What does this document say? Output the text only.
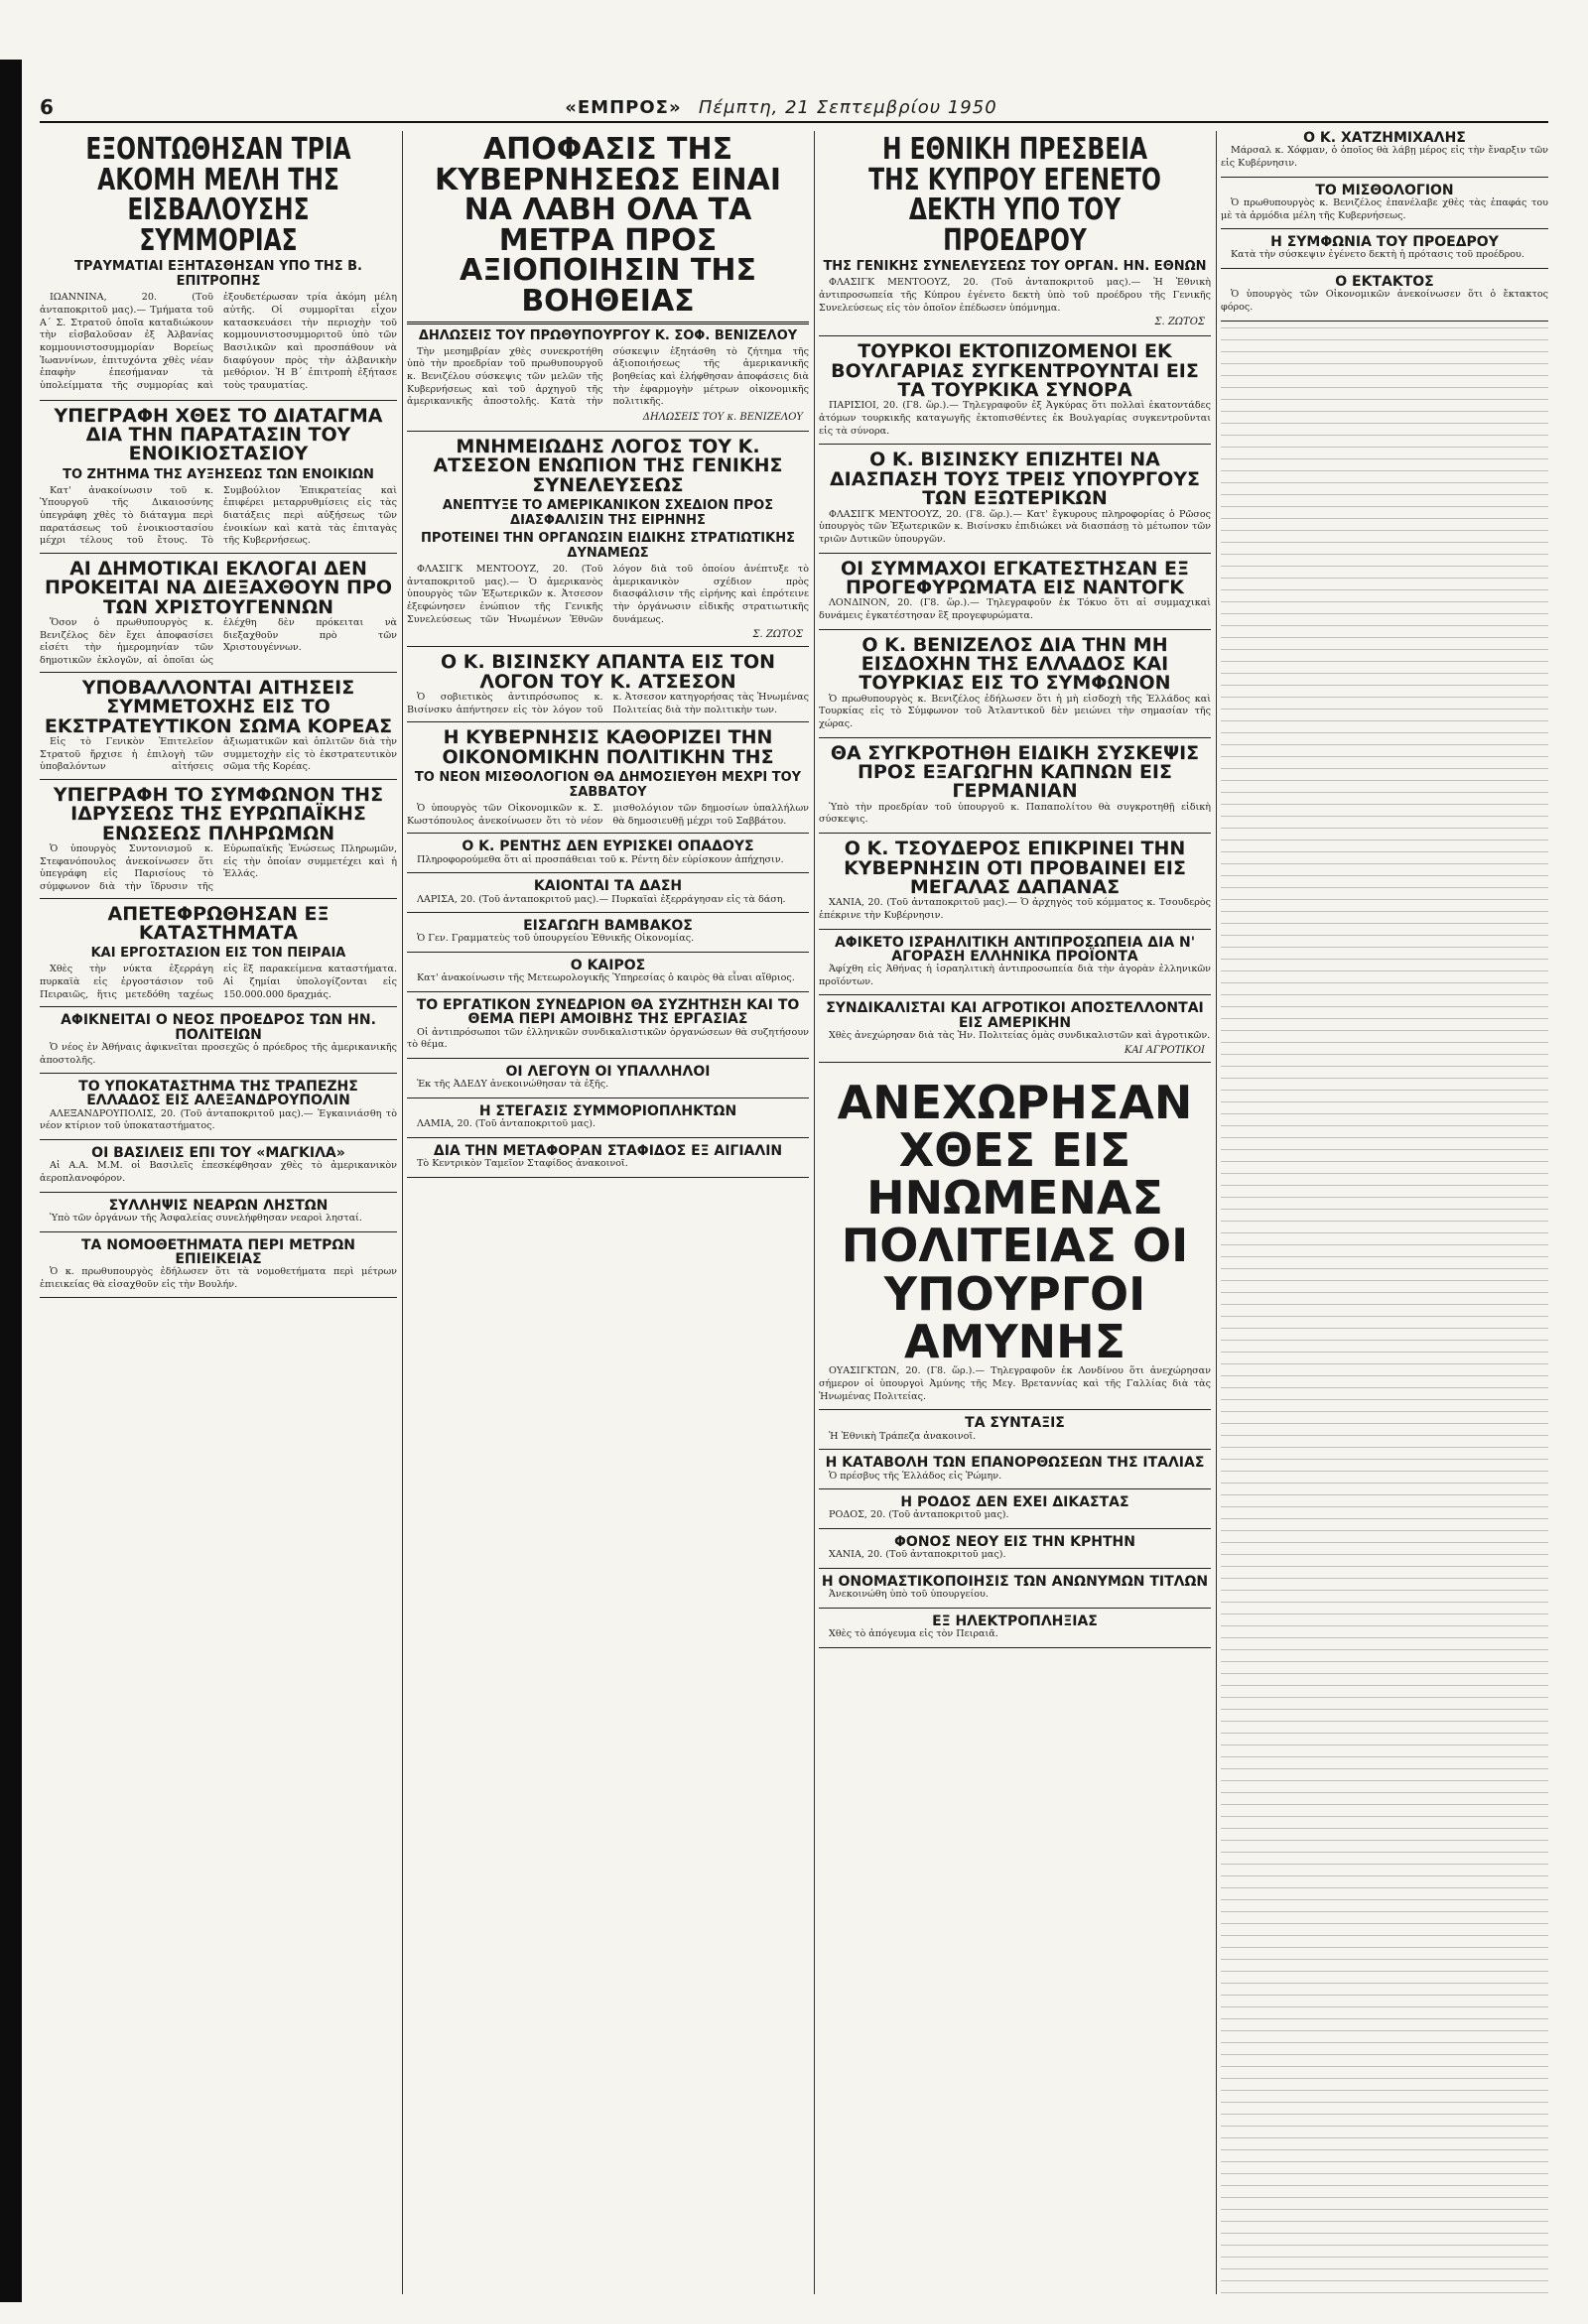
6	«ΕΜΠΡΟΣ» Πέμπτη, 21 Σεπτεμβρίου 1950
ΕΞΟΝΤΩΘΗΣΑΝ ΤΡΙΑ ΑΚΟΜΗ ΜΕΛΗ ΤΗΣ ΕΙΣΒΑΛΟΥΣΗΣ ΣΥΜΜΟΡΙΑΣ
ΤΡΑΥΜΑΤΙΑΙ ΕΞΗΤΑΣΘΗΣΑΝ ΥΠΟ ΤΗΣ Β. ΕΠΙΤΡΟΠΗΣ

ΙΩΑΝΝΙΝΑ, 20. (Τοῦ ἀνταποκριτοῦ μας).— Τμήματα τοῦ Α΄ Σ. Στρατοῦ ὁποῖα καταδιώκουν τὴν εἰσβαλοῦσαν ἐξ Ἀλβανίας κομμουνιστοσυμμορίαν Βορείως Ἰωαννίνων, ἐπιτυχόντα χθὲς νέαν ἐπαφὴν ἐπεσήμαναν τὰ ὑπολείμματα τῆς συμμορίας καὶ ἐξουδετέρωσαν τρία ἀκόμη μέλη αὐτῆς. Οἱ συμμορῖται εἶχον κατασκευάσει τὴν περιοχὴν τοῦ κομμουνιστοσυμμοριτοῦ ὑπὸ τῶν Βασιλικῶν καὶ προσπάθουν νὰ διαφύγουν πρὸς τὴν ἀλβανικὴν μεθόριον. Ἡ Β΄ ἐπιτροπὴ ἐξήτασε τοὺς τραυματίας.

ΥΠΕΓΡΑΦΗ ΧΘΕΣ ΤΟ ΔΙΑΤΑΓΜΑ ΔΙΑ ΤΗΝ ΠΑΡΑΤΑΣΙΝ ΤΟΥ ΕΝΟΙΚΙΟΣΤΑΣΙΟΥ
ΤΟ ΖΗΤΗΜΑ ΤΗΣ ΑΥΞΗΣΕΩΣ ΤΩΝ ΕΝΟΙΚΙΩΝ

Κατ' ἀνακοίνωσιν τοῦ κ. Ὑπουργοῦ τῆς Δικαιοσύνης ὑπεγράφη χθὲς τὸ διάταγμα περὶ παρατάσεως τοῦ ἐνοικιοστασίου μέχρι τέλους τοῦ ἔτους. Τὸ Συμβούλιον Ἐπικρατείας καὶ ἐπιφέρει μεταρρυθμίσεις εἰς τὰς διατάξεις περὶ αὐξήσεως τῶν ἐνοικίων καὶ κατὰ τὰς ἐπιταγὰς τῆς Κυβερνήσεως.

ΑΙ ΔΗΜΟΤΙΚΑΙ ΕΚΛΟΓΑΙ ΔΕΝ ΠΡΟΚΕΙΤΑΙ ΝΑ ΔΙΕΞΑΧΘΟΥΝ ΠΡΟ ΤΩΝ ΧΡΙΣΤΟΥΓΕΝΝΩΝ

Ὅσον ὁ πρωθυπουργὸς κ. Βενιζέλος δὲν ἔχει ἀποφασίσει εἰσέτι τὴν ἡμερομηνίαν τῶν δημοτικῶν ἐκλογῶν, αἱ ὁποῖαι ὡς ἐλέχθη δὲν πρόκειται νὰ διεξαχθοῦν πρὸ τῶν Χριστουγέννων.

ΥΠΟΒΑΛΛΟΝΤΑΙ ΑΙΤΗΣΕΙΣ ΣΥΜΜΕΤΟΧΗΣ ΕΙΣ ΤΟ ΕΚΣΤΡΑΤΕΥΤΙΚΟΝ ΣΩΜΑ ΚΟΡΕΑΣ

Εἰς τὸ Γενικὸν Ἐπιτελεῖον Στρατοῦ ἤρχισε ἡ ἐπιλογὴ τῶν ὑποβαλόντων αἰτήσεις ἀξιωματικῶν καὶ ὁπλιτῶν διὰ τὴν συμμετοχὴν εἰς τὸ ἐκστρατευτικὸν σῶμα τῆς Κορέας.

ΥΠΕΓΡΑΦΗ ΤΟ ΣΥΜΦΩΝΟΝ ΤΗΣ ΙΔΡΥΣΕΩΣ ΤΗΣ ΕΥΡΩΠΑΪΚΗΣ ΕΝΩΣΕΩΣ ΠΛΗΡΩΜΩΝ

Ὁ ὑπουργὸς Συντονισμοῦ κ. Στεφανόπουλος ἀνεκοίνωσεν ὅτι ὑπεγράφη εἰς Παρισίους τὸ σύμφωνον διὰ τὴν ἵδρυσιν τῆς Εὐρωπαϊκῆς Ἑνώσεως Πληρωμῶν, εἰς τὴν ὁποίαν συμμετέχει καὶ ἡ Ἑλλάς.

ΑΠΕΤΕΦΡΩΘΗΣΑΝ ΕΞ ΚΑΤΑΣΤΗΜΑΤΑ
ΚΑΙ ΕΡΓΟΣΤΑΣΙΟΝ ΕΙΣ ΤΟΝ ΠΕΙΡΑΙΑ

Χθὲς τὴν νύκτα ἐξερράγη πυρκαϊὰ εἰς ἐργοστάσιον τοῦ Πειραιῶς, ἥτις μετεδόθη ταχέως εἰς ἓξ παρακείμενα καταστήματα. Αἱ ζημίαι ὑπολογίζονται εἰς 150.000.000 δραχμάς.

ΑΦΙΚΝΕΙΤΑΙ Ο ΝΕΟΣ ΠΡΟΕΔΡΟΣ ΤΩΝ ΗΝ. ΠΟΛΙΤΕΙΩΝ

Ὁ νέος ἐν Ἀθήναις ἀφικνεῖται προσεχῶς ὁ πρόεδρος τῆς ἀμερικανικῆς ἀποστολῆς.

ΤΟ ΥΠΟΚΑΤΑΣΤΗΜΑ ΤΗΣ ΤΡΑΠΕΖΗΣ ΕΛΛΑΔΟΣ ΕΙΣ ΑΛΕΞΑΝΔΡΟΥΠΟΛΙΝ

ΑΛΕΞΑΝΔΡΟΥΠΟΛΙΣ, 20. (Τοῦ ἀνταποκριτοῦ μας).— Ἐγκαινιάσθη τὸ νέον κτίριον τοῦ ὑποκαταστήματος.

ΟΙ ΒΑΣΙΛΕΙΣ ΕΠΙ ΤΟΥ «ΜΑΓΚΙΛΑ»

Αἱ Α.Α. Μ.Μ. οἱ Βασιλεῖς ἐπεσκέφθησαν χθὲς τὸ ἀμερικανικὸν ἀεροπλανοφόρον.

ΣΥΛΛΗΨΙΣ ΝΕΑΡΩΝ ΛΗΣΤΩΝ

Ὑπὸ τῶν ὀργάνων τῆς Ἀσφαλείας συνελήφθησαν νεαροὶ λησταί.

ΤΑ ΝΟΜΟΘΕΤΗΜΑΤΑ ΠΕΡΙ ΜΕΤΡΩΝ ΕΠΙΕΙΚΕΙΑΣ

Ὁ κ. πρωθυπουργὸς ἐδήλωσεν ὅτι τὰ νομοθετήματα περὶ μέτρων ἐπιεικείας θὰ εἰσαχθοῦν εἰς τὴν Βουλήν.

ΑΠΟΦΑΣΙΣ ΤΗΣ ΚΥΒΕΡΝΗΣΕΩΣ ΕΙΝΑΙ ΝΑ ΛΑΒΗ ΟΛΑ ΤΑ ΜΕΤΡΑ ΠΡΟΣ ΑΞΙΟΠΟΙΗΣΙΝ ΤΗΣ ΒΟΗΘΕΙΑΣ
ΔΗΛΩΣΕΙΣ ΤΟΥ ΠΡΩΘΥΠΟΥΡΓΟΥ Κ. ΣΟΦ. ΒΕΝΙΖΕΛΟΥ

Τὴν μεσημβρίαν χθὲς συνεκροτήθη ὑπὸ τὴν προεδρίαν τοῦ πρωθυπουργοῦ κ. Βενιζέλου σύσκεψις τῶν μελῶν τῆς Κυβερνήσεως καὶ τοῦ ἀρχηγοῦ τῆς ἀμερικανικῆς ἀποστολῆς. Κατὰ τὴν σύσκεψιν ἐξητάσθη τὸ ζήτημα τῆς ἀξιοποιήσεως τῆς ἀμερικανικῆς βοηθείας καὶ ἐλήφθησαν ἀποφάσεις διὰ τὴν ἐφαρμογὴν μέτρων οἰκονομικῆς πολιτικῆς.

ΔΗΛΩΣΕΙΣ ΤΟΥ κ. ΒΕΝΙΖΕΛΟΥ
ΜΝΗΜΕΙΩΔΗΣ ΛΟΓΟΣ ΤΟΥ Κ. ΑΤΣΕΣΟΝ ΕΝΩΠΙΟΝ ΤΗΣ ΓΕΝΙΚΗΣ ΣΥΝΕΛΕΥΣΕΩΣ
ΑΝΕΠΤΥΞΕ ΤΟ ΑΜΕΡΙΚΑΝΙΚΟΝ ΣΧΕΔΙΟΝ ΠΡΟΣ ΔΙΑΣΦΑΛΙΣΙΝ ΤΗΣ ΕΙΡΗΝΗΣ
ΠΡΟΤΕΙΝΕΙ ΤΗΝ ΟΡΓΑΝΩΣΙΝ ΕΙΔΙΚΗΣ ΣΤΡΑΤΙΩΤΙΚΗΣ ΔΥΝΑΜΕΩΣ

ΦΛΑΣΙΓΚ ΜΕΝΤΟΟΥΖ, 20. (Τοῦ ἀνταποκριτοῦ μας).— Ὁ ἀμερικανὸς ὑπουργὸς τῶν Ἐξωτερικῶν κ. Ἀτσεσον ἐξεφώνησεν ἐνώπιον τῆς Γενικῆς Συνελεύσεως τῶν Ἡνωμένων Ἐθνῶν λόγον διὰ τοῦ ὁποίου ἀνέπτυξε τὸ ἀμερικανικὸν σχέδιον πρὸς διασφάλισιν τῆς εἰρήνης καὶ ἐπρότεινε τὴν ὀργάνωσιν εἰδικῆς στρατιωτικῆς δυνάμεως.

Σ. ΖΩΤΟΣ
Ο Κ. ΒΙΣΙΝΣΚΥ ΑΠΑΝΤΑ ΕΙΣ ΤΟΝ ΛΟΓΟΝ ΤΟΥ Κ. ΑΤΣΕΣΟΝ

Ὁ σοβιετικὸς ἀντιπρόσωπος κ. Βισίνσκυ ἀπήντησεν εἰς τὸν λόγον τοῦ κ. Ἀτσεσον κατηγορήσας τὰς Ἡνωμένας Πολιτείας διὰ τὴν πολιτικὴν των.

Η ΚΥΒΕΡΝΗΣΙΣ ΚΑΘΟΡΙΖΕΙ ΤΗΝ ΟΙΚΟΝΟΜΙΚΗΝ ΠΟΛΙΤΙΚΗΝ ΤΗΣ
ΤΟ ΝΕΟΝ ΜΙΣΘΟΛΟΓΙΟΝ ΘΑ ΔΗΜΟΣΙΕΥΘΗ ΜΕΧΡΙ ΤΟΥ ΣΑΒΒΑΤΟΥ

Ὁ ὑπουργὸς τῶν Οἰκονομικῶν κ. Σ. Κωστόπουλος ἀνεκοίνωσεν ὅτι τὸ νέον μισθολόγιον τῶν δημοσίων ὑπαλλήλων θὰ δημοσιευθῇ μέχρι τοῦ Σαββάτου.

Ο Κ. ΡΕΝΤΗΣ ΔΕΝ ΕΥΡΙΣΚΕΙ ΟΠΑΔΟΥΣ

Πληροφορούμεθα ὅτι αἱ προσπάθειαι τοῦ κ. Ρέντη δὲν εὑρίσκουν ἀπήχησιν.

ΚΑΙΟΝΤΑΙ ΤΑ ΔΑΣΗ

ΛΑΡΙΣΑ, 20. (Τοῦ ἀνταποκριτοῦ μας).— Πυρκαϊαὶ ἐξερράγησαν εἰς τὰ δάση.

ΕΙΣΑΓΩΓΗ ΒΑΜΒΑΚΟΣ

Ὁ Γεν. Γραμματεὺς τοῦ ὑπουργείου Ἐθνικῆς Οἰκονομίας.

Ο ΚΑΙΡΟΣ

Κατ' ἀνακοίνωσιν τῆς Μετεωρολογικῆς Ὑπηρεσίας ὁ καιρὸς θὰ εἶναι αἴθριος.

ΤΟ ΕΡΓΑΤΙΚΟΝ ΣΥΝΕΔΡΙΟΝ ΘΑ ΣΥΖΗΤΗΣΗ ΚΑΙ ΤΟ ΘΕΜΑ ΠΕΡΙ ΑΜΟΙΒΗΣ ΤΗΣ ΕΡΓΑΣΙΑΣ

Οἱ ἀντιπρόσωποι τῶν ἐλληνικῶν συνδικαλιστικῶν ὀργανώσεων θὰ συζητήσουν τὸ θέμα.

ΟΙ ΛΕΓΟΥΝ ΟΙ ΥΠΑΛΛΗΛΟΙ

Ἐκ τῆς ἈΔΕΔΥ ἀνεκοινώθησαν τὰ ἑξῆς.

Η ΣΤΕΓΑΣΙΣ ΣΥΜΜΟΡΙΟΠΛΗΚΤΩΝ

ΛΑΜΙΑ, 20. (Τοῦ ἀνταποκριτοῦ μας).

ΔΙΑ ΤΗΝ ΜΕΤΑΦΟΡΑΝ ΣΤΑΦΙΔΟΣ ΕΞ ΑΙΓΙΑΛΙΝ

Τὸ Κεντρικὸν Ταμεῖον Σταφίδος ἀνακοινοῖ.

Η ΕΘΝΙΚΗ ΠΡΕΣΒΕΙΑ ΤΗΣ ΚΥΠΡΟΥ ΕΓΕΝΕΤΟ ΔΕΚΤΗ ΥΠΟ ΤΟΥ ΠΡΟΕΔΡΟΥ
ΤΗΣ ΓΕΝΙΚΗΣ ΣΥΝΕΛΕΥΣΕΩΣ ΤΟΥ ΟΡΓΑΝ. ΗΝ. ΕΘΝΩΝ

ΦΛΑΣΙΓΚ ΜΕΝΤΟΟΥΖ, 20. (Τοῦ ἀνταποκριτοῦ μας).— Ἡ Ἐθνικὴ ἀντιπροσωπεία τῆς Κύπρου ἐγένετο δεκτὴ ὑπὸ τοῦ προέδρου τῆς Γενικῆς Συνελεύσεως εἰς τὸν ὁποῖον ἐπέδωσεν ὑπόμνημα.

Σ. ΖΩΤΟΣ
ΤΟΥΡΚΟΙ ΕΚΤΟΠΙΖΟΜΕΝΟΙ ΕΚ ΒΟΥΛΓΑΡΙΑΣ ΣΥΓΚΕΝΤΡΟΥΝΤΑΙ ΕΙΣ ΤΑ ΤΟΥΡΚΙΚΑ ΣΥΝΟΡΑ

ΠΑΡΙΣΙΟΙ, 20. (Γ8. ὥρ.).— Τηλεγραφοῦν ἐξ Ἀγκύρας ὅτι πολλαὶ ἑκατοντάδες ἀτόμων τουρκικῆς καταγωγῆς ἐκτοπισθέντες ἐκ Βουλγαρίας συγκεντροῦνται εἰς τὰ σύνορα.

Ο Κ. ΒΙΣΙΝΣΚΥ ΕΠΙΖΗΤΕΙ ΝΑ ΔΙΑΣΠΑΣΗ ΤΟΥΣ ΤΡΕΙΣ ΥΠΟΥΡΓΟΥΣ ΤΩΝ ΕΞΩΤΕΡΙΚΩΝ

ΦΛΑΣΙΓΚ ΜΕΝΤΟΟΥΖ, 20. (Γ8. ὥρ.).— Κατ' ἔγκυρους πληροφορίας ὁ Ρῶσος ὑπουργὸς τῶν Ἐξωτερικῶν κ. Βισίνσκυ ἐπιδιώκει νὰ διασπάσῃ τὸ μέτωπον τῶν τριῶν Δυτικῶν ὑπουργῶν.

ΟΙ ΣΥΜΜΑΧΟΙ ΕΓΚΑΤΕΣΤΗΣΑΝ ΕΞ ΠΡΟΓΕΦΥΡΩΜΑΤΑ ΕΙΣ ΝΑΝΤΟΓΚ

ΛΟΝΔΙΝΟΝ, 20. (Γ8. ὥρ.).— Τηλεγραφοῦν ἐκ Τόκυο ὅτι αἱ συμμαχικαὶ δυνάμεις ἐγκατέστησαν ἓξ προγεφυρώματα.

Ο Κ. ΒΕΝΙΖΕΛΟΣ ΔΙΑ ΤΗΝ ΜΗ ΕΙΣΔΟΧΗΝ ΤΗΣ ΕΛΛΑΔΟΣ ΚΑΙ ΤΟΥΡΚΙΑΣ ΕΙΣ ΤΟ ΣΥΜΦΩΝΟΝ

Ὁ πρωθυπουργὸς κ. Βενιζέλος ἐδήλωσεν ὅτι ἡ μὴ εἰσδοχὴ τῆς Ἑλλάδος καὶ Τουρκίας εἰς τὸ Σύμφωνον τοῦ Ἀτλαντικοῦ δὲν μειώνει τὴν σημασίαν τῆς χώρας.

ΘΑ ΣΥΓΚΡΟΤΗΘΗ ΕΙΔΙΚΗ ΣΥΣΚΕΨΙΣ ΠΡΟΣ ΕΞΑΓΩΓΗΝ ΚΑΠΝΩΝ ΕΙΣ ΓΕΡΜΑΝΙΑΝ

Ὑπὸ τὴν προεδρίαν τοῦ ὑπουργοῦ κ. Παπαπολίτου θὰ συγκροτηθῇ εἰδικὴ σύσκεψις.

Ο Κ. ΤΣΟΥΔΕΡΟΣ ΕΠΙΚΡΙΝΕΙ ΤΗΝ ΚΥΒΕΡΝΗΣΙΝ ΟΤΙ ΠΡΟΒΑΙΝΕΙ ΕΙΣ ΜΕΓΑΛΑΣ ΔΑΠΑΝΑΣ

ΧΑΝΙΑ, 20. (Τοῦ ἀνταποκριτοῦ μας).— Ὁ ἀρχηγὸς τοῦ κόμματος κ. Τσουδερὸς ἐπέκρινε τὴν Κυβέρνησιν.

ΑΦΙΚΕΤΟ ΙΣΡΑΗΛΙΤΙΚΗ ΑΝΤΙΠΡΟΣΩΠΕΙΑ ΔΙΑ Ν' ΑΓΟΡΑΣΗ ΕΛΛΗΝΙΚΑ ΠΡΟΪΟΝΤΑ

Ἀφίχθη εἰς Ἀθήνας ἡ ἰσραηλιτικὴ ἀντιπροσωπεία διὰ τὴν ἀγορὰν ἐλληνικῶν προϊόντων.

ΣΥΝΔΙΚΑΛΙΣΤΑΙ ΚΑΙ ΑΓΡΟΤΙΚΟΙ ΑΠΟΣΤΕΛΛΟΝΤΑΙ ΕΙΣ ΑΜΕΡΙΚΗΝ

Χθὲς ἀνεχώρησαν διὰ τὰς Ἡν. Πολιτείας ὁμὰς συνδικαλιστῶν καὶ ἀγροτικῶν.

ΚΑΙ ΑΓΡΟΤΙΚΟΙ
ΑΝΕΧΩΡΗΣΑΝ ΧΘΕΣ ΕΙΣ ΗΝΩΜΕΝΑΣ ΠΟΛΙΤΕΙΑΣ ΟΙ ΥΠΟΥΡΓΟΙ ΑΜΥΝΗΣ

ΟΥΑΣΙΓΚΤΩΝ, 20. (Γ8. ὥρ.).— Τηλεγραφοῦν ἐκ Λονδίνου ὅτι ἀνεχώρησαν σήμερον οἱ ὑπουργοὶ Ἀμύνης τῆς Μεγ. Βρεταννίας καὶ τῆς Γαλλίας διὰ τὰς Ἡνωμένας Πολιτείας.

ΤΑ ΣΥΝΤΑΞΙΣ

Ἡ Ἐθνικὴ Τράπεζα ἀνακοινοῖ.

Η ΚΑΤΑΒΟΛΗ ΤΩΝ ΕΠΑΝΟΡΘΩΣΕΩΝ ΤΗΣ ΙΤΑΛΙΑΣ

Ὁ πρέσβυς τῆς Ἑλλάδος εἰς Ῥώμην.

Η ΡΟΔΟΣ ΔΕΝ ΕΧΕΙ ΔΙΚΑΣΤΑΣ

ΡΟΔΟΣ, 20. (Τοῦ ἀνταποκριτοῦ μας).

ΦΟΝΟΣ ΝΕΟΥ ΕΙΣ ΤΗΝ ΚΡΗΤΗΝ

ΧΑΝΙΑ, 20. (Τοῦ ἀνταποκριτοῦ μας).

Η ΟΝΟΜΑΣΤΙΚΟΠΟΙΗΣΙΣ ΤΩΝ ΑΝΩΝΥΜΩΝ ΤΙΤΛΩΝ

Ἀνεκοινώθη ὑπὸ τοῦ ὑπουργείου.

ΕΞ ΗΛΕΚΤΡΟΠΛΗΞΙΑΣ

Χθὲς τὸ ἀπόγευμα εἰς τὸν Πειραιᾶ.

Ο Κ. ΧΑΤΖΗΜΙΧΑΛΗΣ

Μάρσαλ κ. Χόφμαν, ὁ ὁποῖος θὰ λάβῃ μέρος εἰς τὴν ἔναρξιν τῶν εἰς Κυβέρνησιν.

ΤΟ ΜΙΣΘΟΛΟΓΙΟΝ

Ὁ πρωθυπουργὸς κ. Βενιζέλος ἐπανέλαβε χθὲς τὰς ἐπαφάς του μὲ τὰ ἀρμόδια μέλη τῆς Κυβερνήσεως.

Η ΣΥΜΦΩΝΙΑ ΤΟΥ ΠΡΟΕΔΡΟΥ

Κατὰ τὴν σύσκεψιν ἐγένετο δεκτὴ ἡ πρότασις τοῦ προέδρου.

Ο ΕΚΤΑΚΤΟΣ

Ὁ ὑπουργὸς τῶν Οἰκονομικῶν ἀνεκοίνωσεν ὅτι ὁ ἔκτακτος φόρος.
